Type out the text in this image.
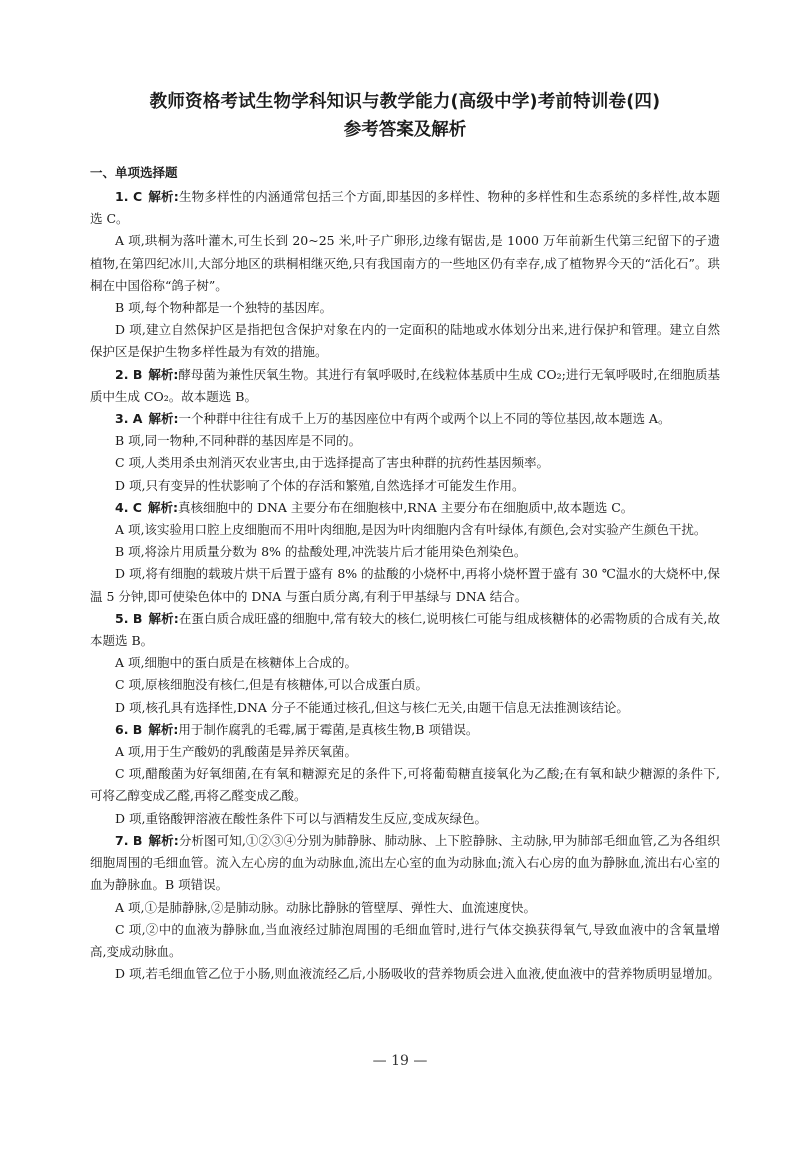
教师资格考试生物学科知识与教学能力(高级中学)考前特训卷(四)
参考答案及解析
一、单项选择题

1. C 解析:生物多样性的内涵通常包括三个方面,即基因的多样性、物种的多样性和生态系统的多样性,故本题选 C。

A 项,珙桐为落叶灌木,可生长到 20~25 米,叶子广卵形,边缘有锯齿,是 1000 万年前新生代第三纪留下的孑遗植物,在第四纪冰川,大部分地区的珙桐相继灭绝,只有我国南方的一些地区仍有幸存,成了植物界今天的“活化石”。珙桐在中国俗称“鸽子树”。

B 项,每个物种都是一个独特的基因库。

D 项,建立自然保护区是指把包含保护对象在内的一定面积的陆地或水体划分出来,进行保护和管理。建立自然保护区是保护生物多样性最为有效的措施。

2. B 解析:酵母菌为兼性厌氧生物。其进行有氧呼吸时,在线粒体基质中生成 CO₂;进行无氧呼吸时,在细胞质基质中生成 CO₂。故本题选 B。

3. A 解析:一个种群中往往有成千上万的基因座位中有两个或两个以上不同的等位基因,故本题选 A。

B 项,同一物种,不同种群的基因库是不同的。

C 项,人类用杀虫剂消灭农业害虫,由于选择提高了害虫种群的抗药性基因频率。

D 项,只有变异的性状影响了个体的存活和繁殖,自然选择才可能发生作用。

4. C 解析:真核细胞中的 DNA 主要分布在细胞核中,RNA 主要分布在细胞质中,故本题选 C。

A 项,该实验用口腔上皮细胞而不用叶肉细胞,是因为叶肉细胞内含有叶绿体,有颜色,会对实验产生颜色干扰。

B 项,将涂片用质量分数为 8% 的盐酸处理,冲洗装片后才能用染色剂染色。

D 项,将有细胞的载玻片烘干后置于盛有 8% 的盐酸的小烧杯中,再将小烧杯置于盛有 30 ℃温水的大烧杯中,保温 5 分钟,即可使染色体中的 DNA 与蛋白质分离,有利于甲基绿与 DNA 结合。

5. B 解析:在蛋白质合成旺盛的细胞中,常有较大的核仁,说明核仁可能与组成核糖体的必需物质的合成有关,故本题选 B。

A 项,细胞中的蛋白质是在核糖体上合成的。

C 项,原核细胞没有核仁,但是有核糖体,可以合成蛋白质。

D 项,核孔具有选择性,DNA 分子不能通过核孔,但这与核仁无关,由题干信息无法推测该结论。

6. B 解析:用于制作腐乳的毛霉,属于霉菌,是真核生物,B 项错误。

A 项,用于生产酸奶的乳酸菌是异养厌氧菌。

C 项,醋酸菌为好氧细菌,在有氧和糖源充足的条件下,可将葡萄糖直接氧化为乙酸;在有氧和缺少糖源的条件下,可将乙醇变成乙醛,再将乙醛变成乙酸。

D 项,重铬酸钾溶液在酸性条件下可以与酒精发生反应,变成灰绿色。

7. B 解析:分析图可知,①②③④分别为肺静脉、肺动脉、上下腔静脉、主动脉,甲为肺部毛细血管,乙为各组织细胞周围的毛细血管。流入左心房的血为动脉血,流出左心室的血为动脉血;流入右心房的血为静脉血,流出右心室的血为静脉血。B 项错误。

A 项,①是肺静脉,②是肺动脉。动脉比静脉的管壁厚、弹性大、血流速度快。

C 项,②中的血液为静脉血,当血液经过肺泡周围的毛细血管时,进行气体交换获得氧气,导致血液中的含氧量增高,变成动脉血。

D 项,若毛细血管乙位于小肠,则血液流经乙后,小肠吸收的营养物质会进入血液,使血液中的营养物质明显增加。

— 19 —
